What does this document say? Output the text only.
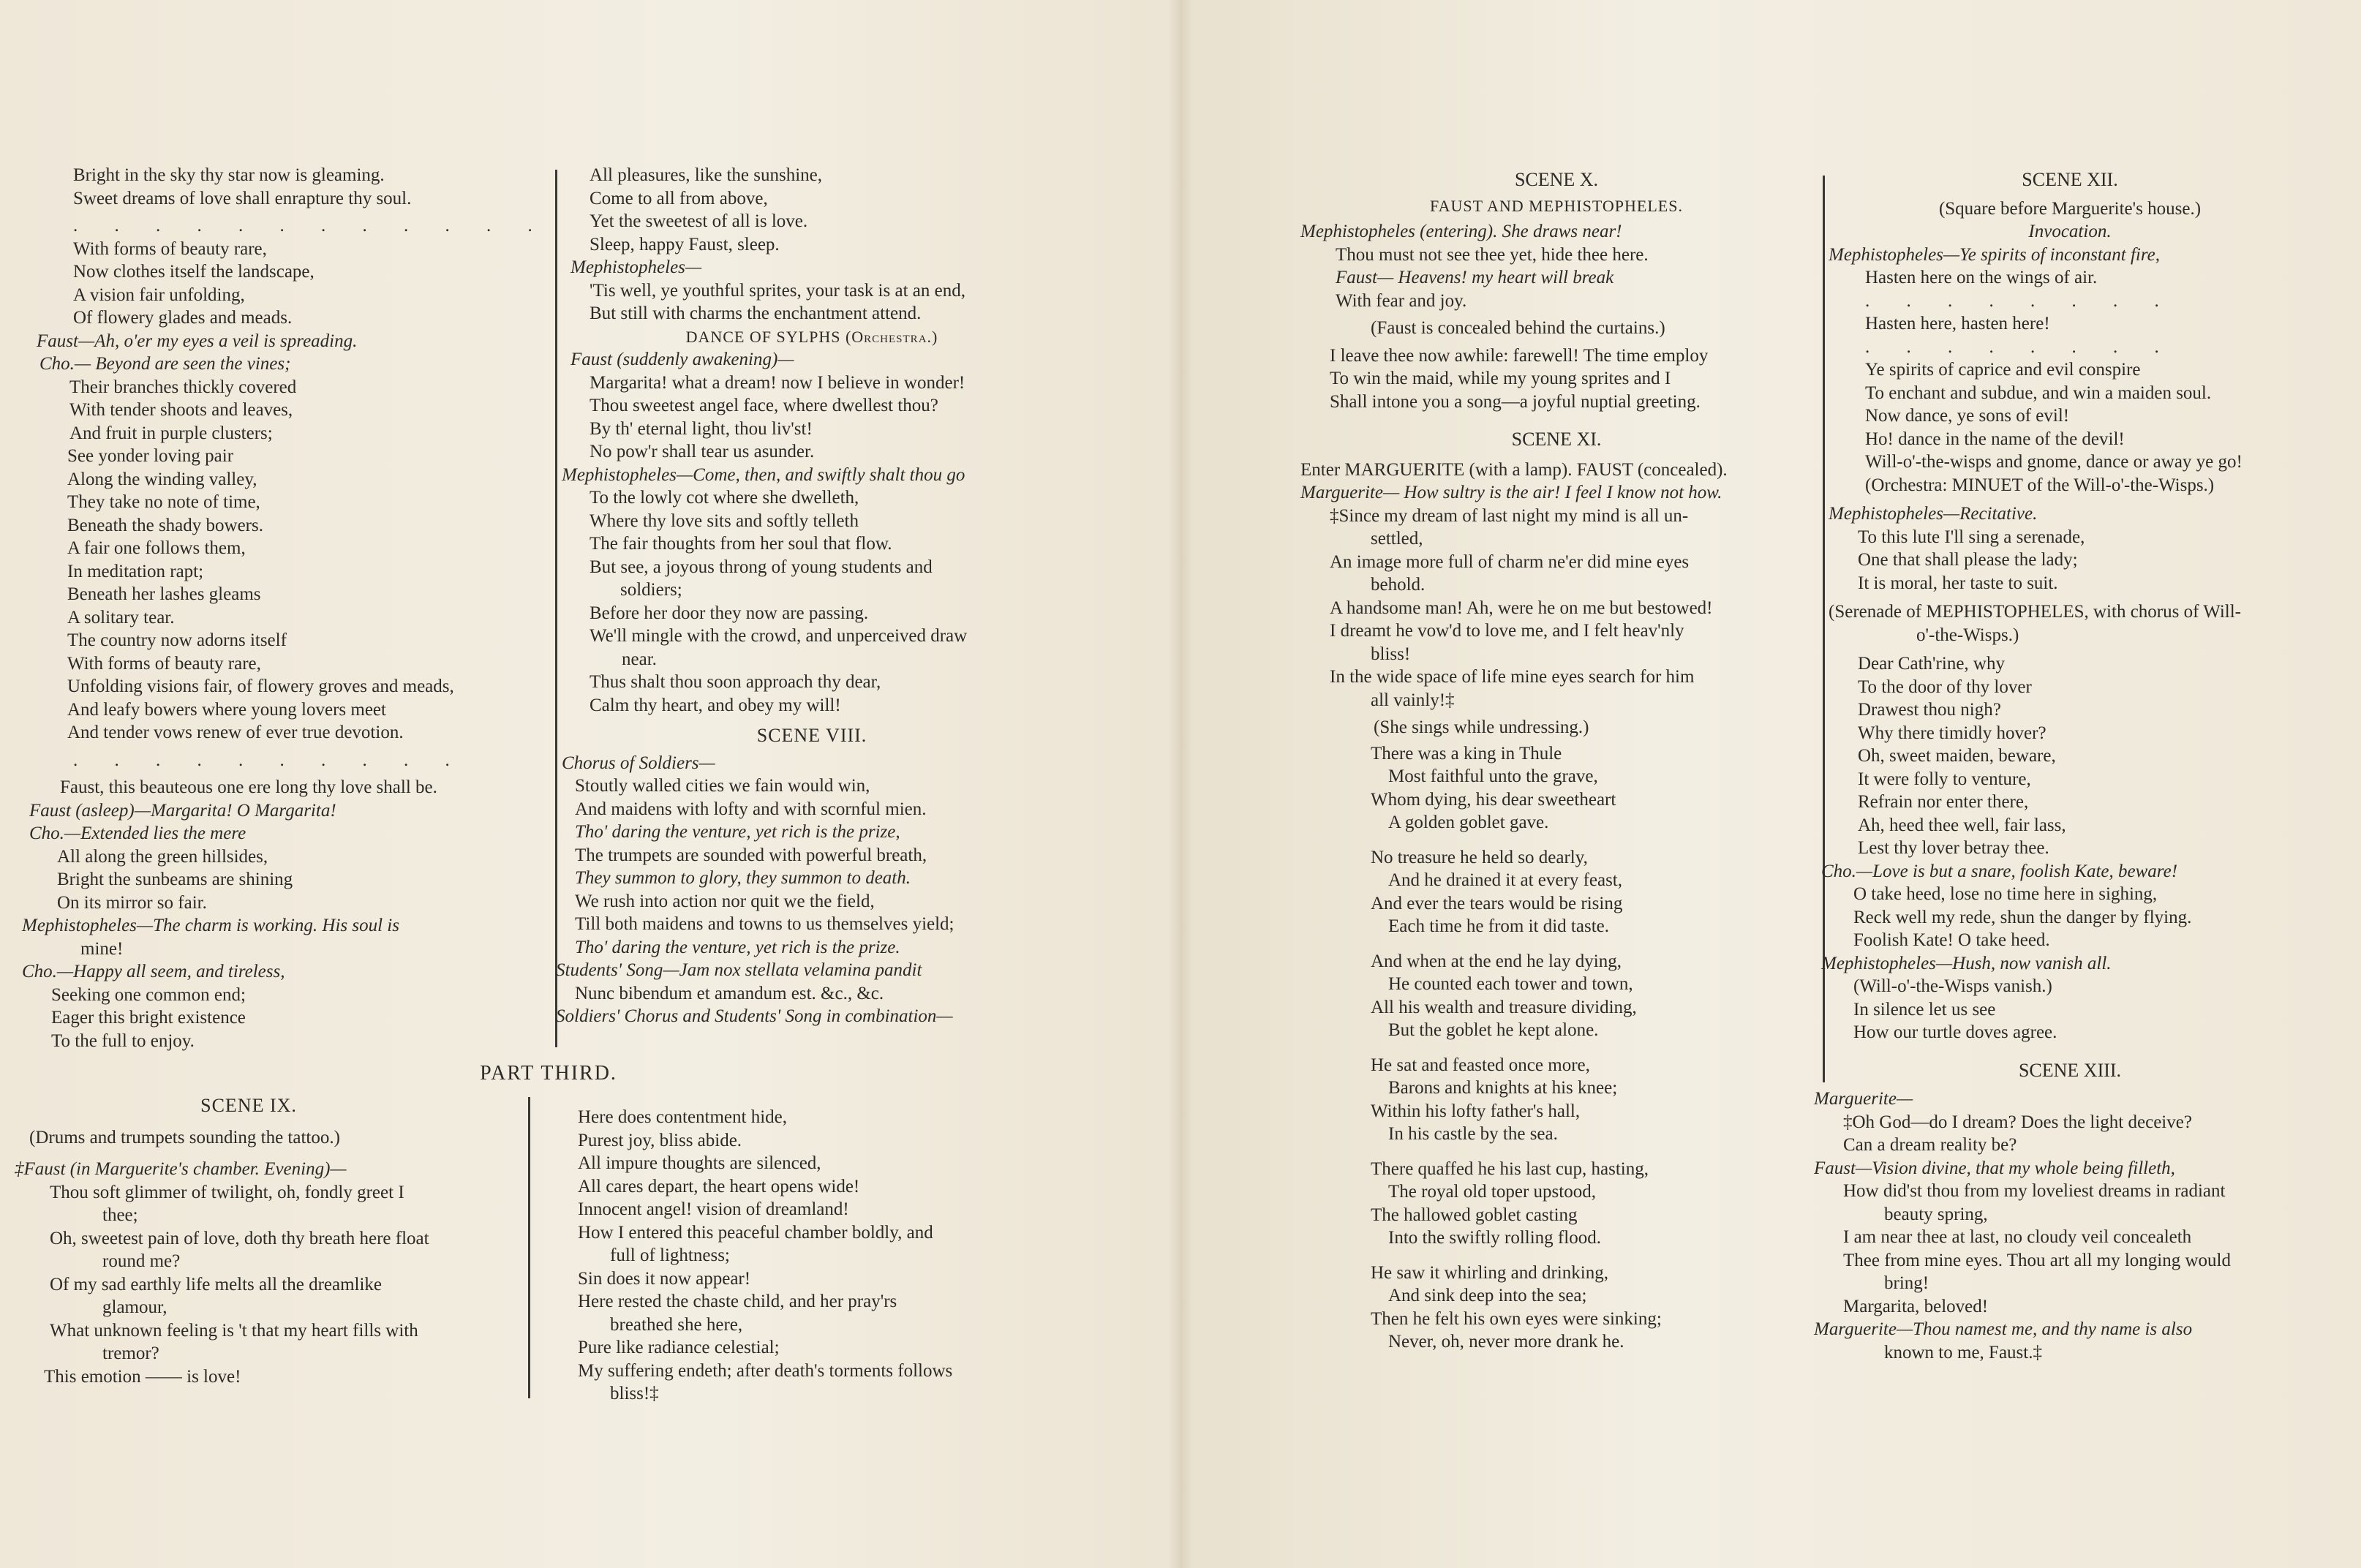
Bright in the sky thy star now is gleaming.
Sweet dreams of love shall enrapture thy soul.
. . . . . . . . . . . .
With forms of beauty rare,
Now clothes itself the landscape,
A vision fair unfolding,
Of flowery glades and meads.
Faust—Ah, o'er my eyes a veil is spreading.
Cho.— Beyond are seen the vines;
Their branches thickly covered
With tender shoots and leaves,
And fruit in purple clusters;
See yonder loving pair
Along the winding valley,
They take no note of time,
Beneath the shady bowers.
A fair one follows them,
In meditation rapt;
Beneath her lashes gleams
A solitary tear.
The country now adorns itself
With forms of beauty rare,
Unfolding visions fair, of flowery groves and meads,
And leafy bowers where young lovers meet
And tender vows renew of ever true devotion.
. . . . . . . . . .
Faust, this beauteous one ere long thy love shall be.
Faust (asleep)—Margarita! O Margarita!
Cho.—Extended lies the mere
All along the green hillsides,
Bright the sunbeams are shining
On its mirror so fair.
Mephistopheles—The charm is working. His soul is
mine!
Cho.—Happy all seem, and tireless,
Seeking one common end;
Eager this bright existence
To the full to enjoy.
PART THIRD.
SCENE IX.
(Drums and trumpets sounding the tattoo.)
‡Faust (in Marguerite's chamber. Evening)—
Thou soft glimmer of twilight, oh, fondly greet I
thee;
Oh, sweetest pain of love, doth thy breath here float
round me?
Of my sad earthly life melts all the dreamlike
glamour,
What unknown feeling is 't that my heart fills with
tremor?
This emotion —— is love!
All pleasures, like the sunshine,
Come to all from above,
Yet the sweetest of all is love.
Sleep, happy Faust, sleep.
Mephistopheles—
'Tis well, ye youthful sprites, your task is at an end,
But still with charms the enchantment attend.
DANCE OF SYLPHS (Orchestra.)
Faust (suddenly awakening)—
Margarita! what a dream! now I believe in wonder!
Thou sweetest angel face, where dwellest thou?
By th' eternal light, thou liv'st!
No pow'r shall tear us asunder.
Mephistopheles—Come, then, and swiftly shalt thou go
To the lowly cot where she dwelleth,
Where thy love sits and softly telleth
The fair thoughts from her soul that flow.
But see, a joyous throng of young students and
soldiers;
Before her door they now are passing.
We'll mingle with the crowd, and unperceived draw
near.
Thus shalt thou soon approach thy dear,
Calm thy heart, and obey my will!
SCENE VIII.
Chorus of Soldiers—
Stoutly walled cities we fain would win,
And maidens with lofty and with scornful mien.
Tho' daring the venture, yet rich is the prize,
The trumpets are sounded with powerful breath,
They summon to glory, they summon to death.
We rush into action nor quit we the field,
Till both maidens and towns to us themselves yield;
Tho' daring the venture, yet rich is the prize.
Students' Song—Jam nox stellata velamina pandit
Nunc bibendum et amandum est. &c., &c.
Soldiers' Chorus and Students' Song in combination—
Here does contentment hide,
Purest joy, bliss abide.
All impure thoughts are silenced,
All cares depart, the heart opens wide!
Innocent angel! vision of dreamland!
How I entered this peaceful chamber boldly, and
full of lightness;
Sin does it now appear!
Here rested the chaste child, and her pray'rs
breathed she here,
Pure like radiance celestial;
My suffering endeth; after death's torments follows
bliss!‡
SCENE X.
FAUST AND MEPHISTOPHELES.
Mephistopheles (entering). She draws near!
Thou must not see thee yet, hide thee here.
Faust— Heavens! my heart will break
With fear and joy.
(Faust is concealed behind the curtains.)
I leave thee now awhile: farewell! The time employ
To win the maid, while my young sprites and I
Shall intone you a song—a joyful nuptial greeting.
SCENE XI.
Enter MARGUERITE (with a lamp). FAUST (concealed).
Marguerite— How sultry is the air! I feel I know not how.
‡Since my dream of last night my mind is all un-
settled,
An image more full of charm ne'er did mine eyes
behold.
A handsome man! Ah, were he on me but bestowed!
I dreamt he vow'd to love me, and I felt heav'nly
bliss!
In the wide space of life mine eyes search for him
all vainly!‡
(She sings while undressing.)
There was a king in Thule
Most faithful unto the grave,
Whom dying, his dear sweetheart
A golden goblet gave.
No treasure he held so dearly,
And he drained it at every feast,
And ever the tears would be rising
Each time he from it did taste.
And when at the end he lay dying,
He counted each tower and town,
All his wealth and treasure dividing,
But the goblet he kept alone.
He sat and feasted once more,
Barons and knights at his knee;
Within his lofty father's hall,
In his castle by the sea.
There quaffed he his last cup, hasting,
The royal old toper upstood,
The hallowed goblet casting
Into the swiftly rolling flood.
He saw it whirling and drinking,
And sink deep into the sea;
Then he felt his own eyes were sinking;
Never, oh, never more drank he.
SCENE XII.
(Square before Marguerite's house.)
Invocation.
Mephistopheles—Ye spirits of inconstant fire,
Hasten here on the wings of air.
. . . . . . . .
Hasten here, hasten here!
. . . . . . . .
Ye spirits of caprice and evil conspire
To enchant and subdue, and win a maiden soul.
Now dance, ye sons of evil!
Ho! dance in the name of the devil!
Will-o'-the-wisps and gnome, dance or away ye go!
(Orchestra: MINUET of the Will-o'-the-Wisps.)
Mephistopheles—Recitative.
To this lute I'll sing a serenade,
One that shall please the lady;
It is moral, her taste to suit.
(Serenade of MEPHISTOPHELES, with chorus of Will-
o'-the-Wisps.)
Dear Cath'rine, why
To the door of thy lover
Drawest thou nigh?
Why there timidly hover?
Oh, sweet maiden, beware,
It were folly to venture,
Refrain nor enter there,
Ah, heed thee well, fair lass,
Lest thy lover betray thee.
Cho.—Love is but a snare, foolish Kate, beware!
O take heed, lose no time here in sighing,
Reck well my rede, shun the danger by flying.
Foolish Kate! O take heed.
Mephistopheles—Hush, now vanish all.
(Will-o'-the-Wisps vanish.)
In silence let us see
How our turtle doves agree.
SCENE XIII.
Marguerite—
‡Oh God—do I dream? Does the light deceive?
Can a dream reality be?
Faust—Vision divine, that my whole being filleth,
How did'st thou from my loveliest dreams in radiant
beauty spring,
I am near thee at last, no cloudy veil concealeth
Thee from mine eyes. Thou art all my longing would
bring!
Margarita, beloved!
Marguerite—Thou namest me, and thy name is also
known to me, Faust.‡
